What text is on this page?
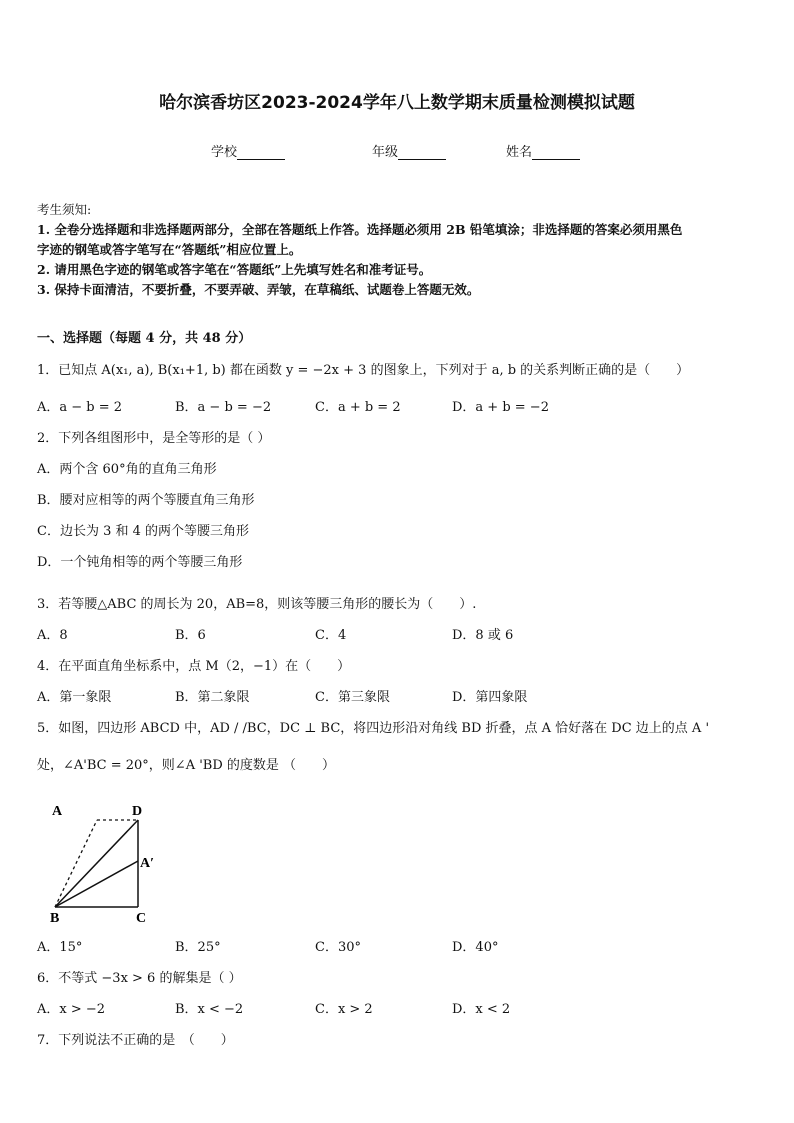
哈尔滨香坊区2023-2024学年八上数学期末质量检测模拟试题
学校	年级	姓名
考生须知:
1. 全卷分选择题和非选择题两部分，全部在答题纸上作答。选择题必须用 2B 铅笔填涂；非选择题的答案必须用黑色
字迹的钢笔或答字笔写在“答题纸”相应位置上。
2. 请用黑色字迹的钢笔或答字笔在“答题纸”上先填写姓名和准考证号。
3. 保持卡面清洁，不要折叠，不要弄破、弄皱，在草稿纸、试题卷上答题无效。
一、选择题（每题 4 分，共 48 分）
1．已知点 A(x₁, a), B(x₁+1, b) 都在函数 y = −2x + 3 的图象上，下列对于 a, b 的关系判断正确的是（　　）
A．a − b = 2	B．a − b = −2	C．a + b = 2	D．a + b = −2
2．下列各组图形中，是全等形的是（ ）
A．两个含 60°角的直角三角形
B．腰对应相等的两个等腰直角三角形
C．边长为 3 和 4 的两个等腰三角形
D．一个钝角相等的两个等腰三角形
3．若等腰△ABC 的周长为 20，AB=8，则该等腰三角形的腰长为（　　）.
A．8	B．6	C．4	D．8 或 6
4．在平面直角坐标系中，点 M（2，−1）在（　　）
A．第一象限	B．第二象限	C．第三象限	D．第四象限
5．如图，四边形 ABCD 中，AD / /BC，DC ⊥ BC，将四边形沿对角线 BD 折叠，点 A 恰好落在 DC 边上的点 A '
处，∠A'BC = 20°，则∠A 'BD 的度数是 （　　）
A	D
A′
B	C
A．15°	B．25°	C．30°	D．40°
6．不等式 −3x > 6 的解集是（ ）
A．x > −2	B．x < −2	C．x > 2	D．x < 2
7．下列说法不正确的是　（　　）
